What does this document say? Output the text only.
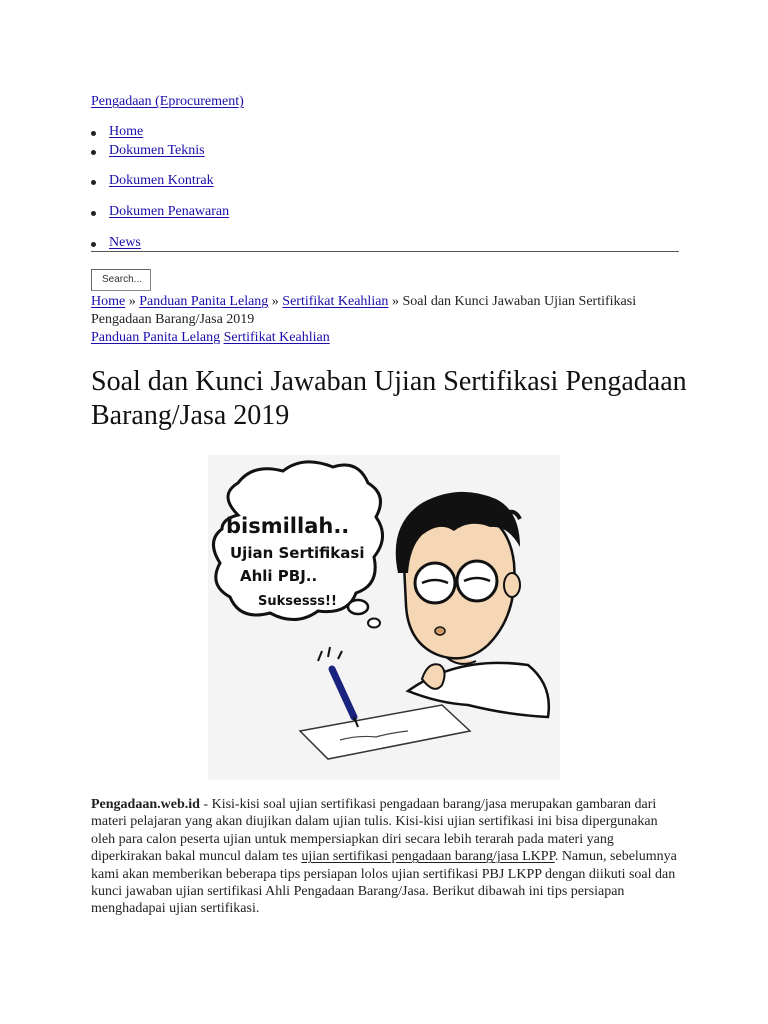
Pengadaan (Eprocurement)
Home
Dokumen Teknis
Dokumen Kontrak
Dokumen Penawaran
News
Search...
Home » Panduan Panita Lelang » Sertifikat Keahlian » Soal dan Kunci Jawaban Ujian Sertifikasi Pengadaan Barang/Jasa 2019
Panduan Panita Lelang Sertifikat Keahlian
Soal dan Kunci Jawaban Ujian Sertifikasi Pengadaan Barang/Jasa 2019
bismillah..
Ujian Sertifikasi
Ahli PBJ..
Suksesss!!
Pengadaan.web.id - Kisi-kisi soal ujian sertifikasi pengadaan barang/jasa merupakan gambaran dari materi pelajaran yang akan diujikan dalam ujian tulis. Kisi-kisi ujian sertifikasi ini bisa dipergunakan oleh para calon peserta ujian untuk mempersiapkan diri secara lebih terarah pada materi yang diperkirakan bakal muncul dalam tes ujian sertifikasi pengadaan barang/jasa LKPP. Namun, sebelumnya kami akan memberikan beberapa tips persiapan lolos ujian sertifikasi PBJ LKPP dengan diikuti soal dan kunci jawaban ujian sertifikasi Ahli Pengadaan Barang/Jasa. Berikut dibawah ini tips persiapan menghadapai ujian sertifikasi.
